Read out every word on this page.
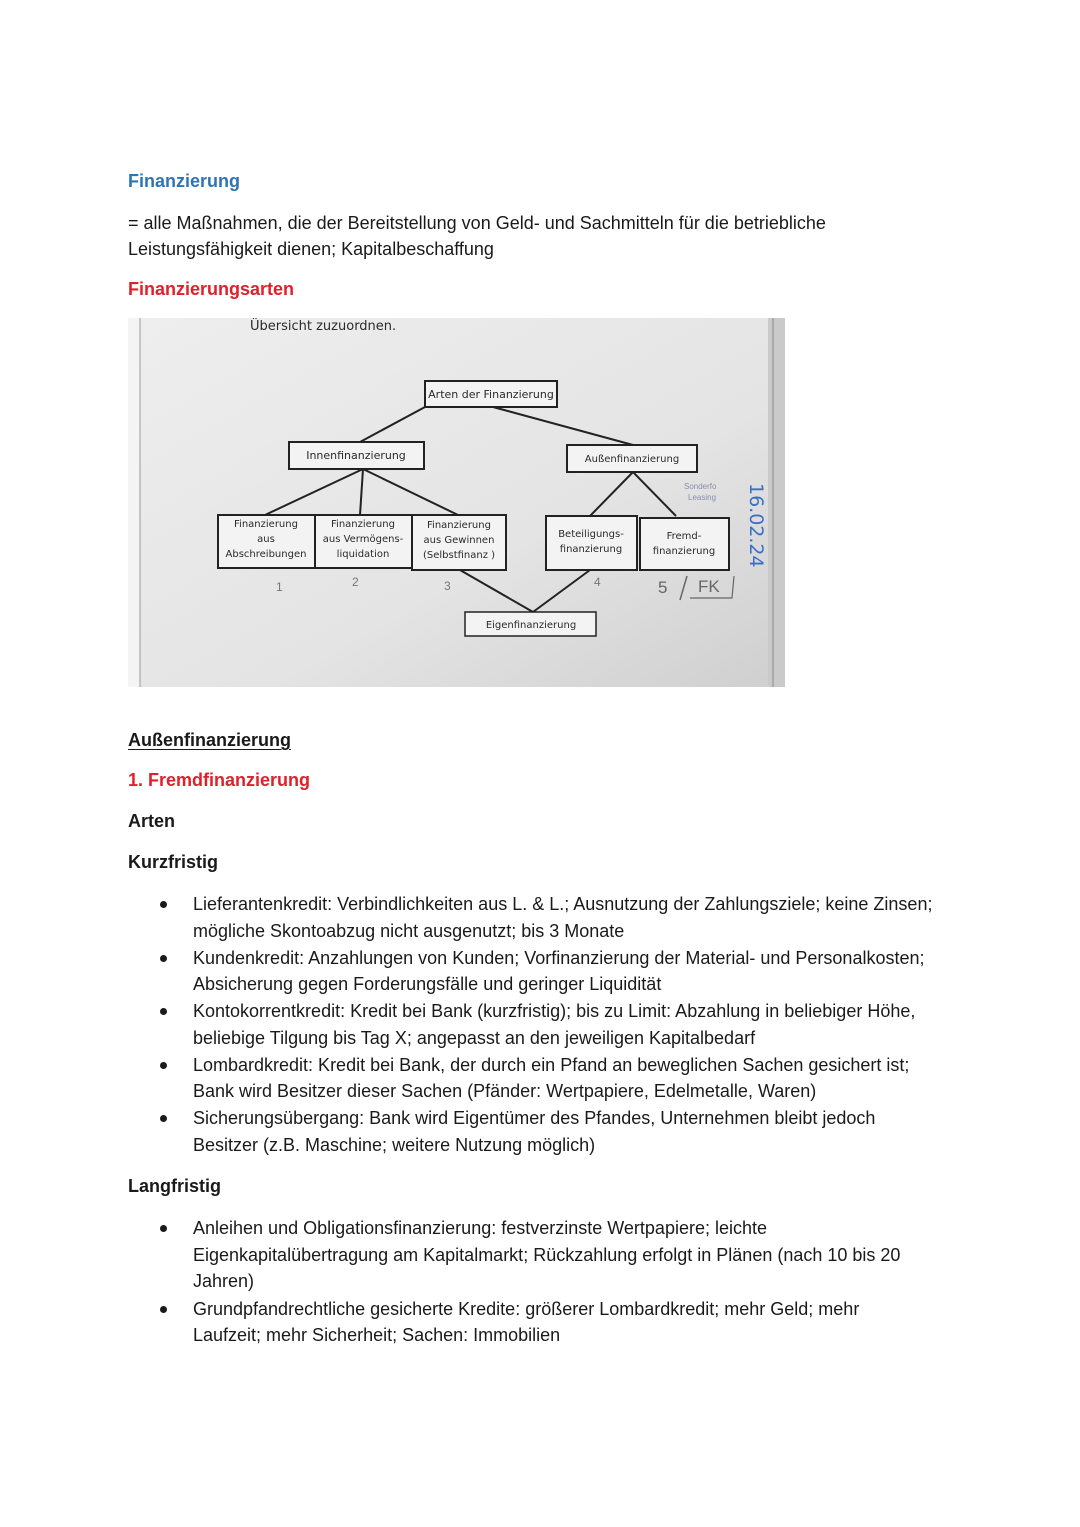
Finanzierung
= alle Maßnahmen, die der Bereitstellung von Geld- und Sachmitteln für die betriebliche Leistungsfähigkeit dienen; Kapitalbeschaffung
Finanzierungsarten
Übersicht zuzuordnen.
Arten der Finanzierung
Innenfinanzierung	Außenfinanzierung
Finanzierung
aus
Abschreibungen
Finanzierung
aus Vermögens-
liquidation
Finanzierung
aus Gewinnen
(Selbstfinanz )
Beteiligungs-
finanzierung
Fremd-
finanzierung
Eigenfinanzierung
1	2	3	4	5 FK
Sonderfo
Leasing 16.02.24
Außenfinanzierung
1. Fremdfinanzierung
Arten
Kurzfristig
Lieferantenkredit: Verbindlichkeiten aus L. & L.; Ausnutzung der Zahlungsziele; keine Zinsen;
mögliche Skontoabzug nicht ausgenutzt; bis 3 Monate
Kundenkredit: Anzahlungen von Kunden; Vorfinanzierung der Material- und Personalkosten;
Absicherung gegen Forderungsfälle und geringer Liquidität
Kontokorrentkredit: Kredit bei Bank (kurzfristig); bis zu Limit: Abzahlung in beliebiger Höhe,
beliebige Tilgung bis Tag X; angepasst an den jeweiligen Kapitalbedarf
Lombardkredit: Kredit bei Bank, der durch ein Pfand an beweglichen Sachen gesichert ist;
Bank wird Besitzer dieser Sachen (Pfänder: Wertpapiere, Edelmetalle, Waren)
Sicherungsübergang: Bank wird Eigentümer des Pfandes, Unternehmen bleibt jedoch
Besitzer (z.B. Maschine; weitere Nutzung möglich)
Langfristig
Anleihen und Obligationsfinanzierung: festverzinste Wertpapiere; leichte
Eigenkapitalübertragung am Kapitalmarkt; Rückzahlung erfolgt in Plänen (nach 10 bis 20
Jahren)
Grundpfandrechtliche gesicherte Kredite: größerer Lombardkredit; mehr Geld; mehr
Laufzeit; mehr Sicherheit; Sachen: Immobilien
